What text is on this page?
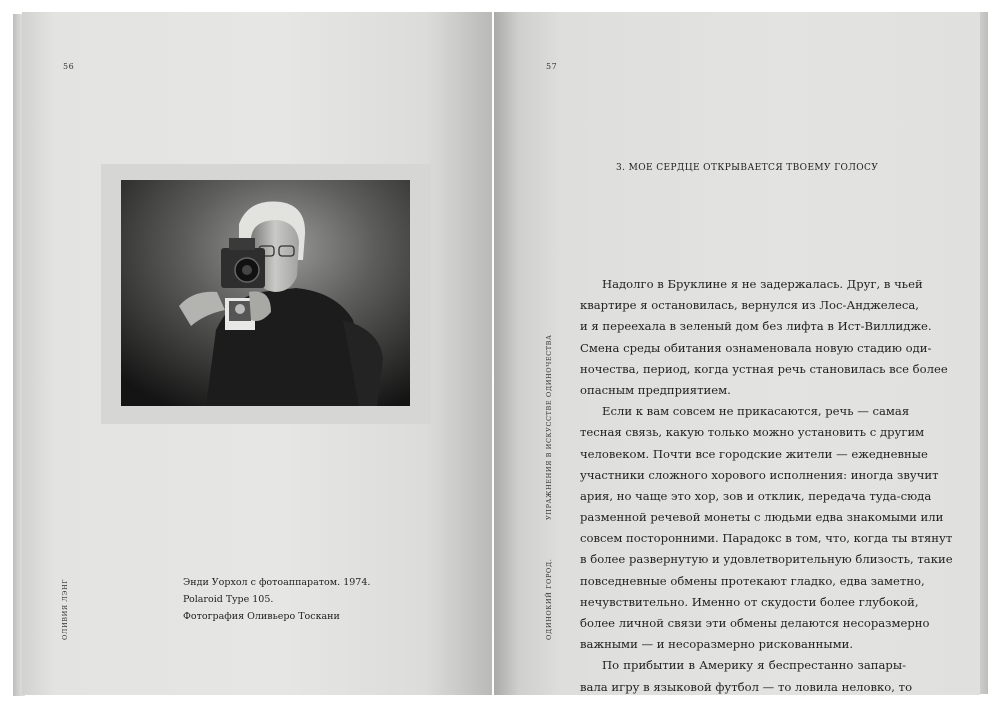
56
Энди Уорхол с фотоаппаратом. 1974.
Polaroid Type 105.
Фотография Оливьеро Тоскани
ОЛИВИЯ ЛЭНГ
57
ОДИНОКИЙ ГОРОД.
УПРАЖНЕНИЯ В ИСКУССТВЕ ОДИНОЧЕСТВА
3. МОЕ СЕРДЦЕ ОТКРЫВАЕТСЯ ТВОЕМУ ГОЛОСУ
Надолго в Бруклине я не задержалась. Друг, в чьей
квартире я остановилась, вернулся из Лос-Анджелеса,
и я переехала в зеленый дом без лифта в Ист-Виллидже.
Смена среды обитания ознаменовала новую стадию оди-
ночества, период, когда устная речь становилась все более
опасным предприятием.
Если к вам совсем не прикасаются, речь — самая
тесная связь, какую только можно установить с другим
человеком. Почти все городские жители — ежедневные
участники сложного хорового исполнения: иногда звучит
ария, но чаще это хор, зов и отклик, передача туда-сюда
разменной речевой монеты с людьми едва знакомыми или
совсем посторонними. Парадокс в том, что, когда ты втянут
в более развернутую и удовлетворительную близость, такие
повседневные обмены протекают гладко, едва заметно,
нечувствительно. Именно от скудости более глубокой,
более личной связи эти обмены делаются несоразмерно
важными — и несоразмерно рискованными.
По прибытии в Америку я беспрестанно запары-
вала игру в языковой футбол — то ловила неловко, то
